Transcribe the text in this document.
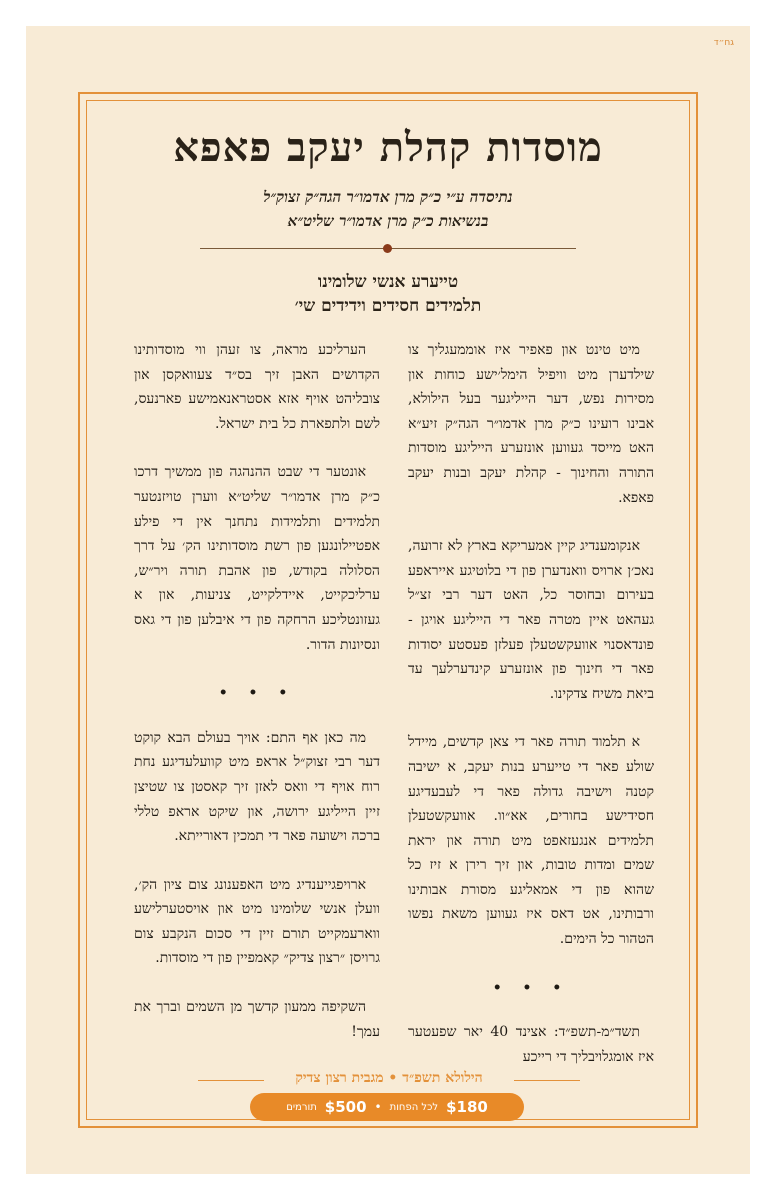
גח״ד
מוסדות קהלת יעקב פאפא
נתיסדה ע״י כ״ק מרן אדמו״ר הגה״ק זצוק״ל
בנשיאות כ״ק מרן אדמו״ר שליט״א
טייערע אנשי שלומינו
תלמידים חסידים וידידים שי׳

מיט טינט און פאפיר איז אוממעגליך צו שילדערן מיט וויפיל הימל׳ישע כוחות און מסירות נפש, דער הייליגער בעל הילולא, אבינו רועינו כ״ק מרן אדמו״ר הגה״ק זיע״א האט מייסד געווען אונזערע הייליגע מוסדות התורה והחינוך - קהלת יעקב ובנות יעקב פאפא.

אנקומענדיג קיין אמעריקא בארץ לא זרועה, נאכ׳ן ארויס וואנדערן פון די בלוטיגע אייראפע בעירום ובחוסר כל, האט דער רבי זצ״ל געהאט איין מטרה פאר די הייליגע אויגן - פונדאסנוי אוועקשטעלן פעלזן פעסטע יסודות פאר די חינוך פון אונזערע קינדערלעך עד ביאת משיח צדקינו.

א תלמוד תורה פאר די צאן קדשים, מיידל שולע פאר די טייערע בנות יעקב, א ישיבה קטנה וישיבה גדולה פאר די לעבעדיגע חסידישע בחורים, אא״וו. אוועקשטעלן תלמידים אנגעזאפט מיט תורה און יראת שמים ומדות טובות, און זיך רירן א זיז כל שהוא פון די אמאליגע מסורת אבותינו ורבותינו, אט דאס איז געווען משאת נפשו הטהור כל הימים.

• • •

תשד״מ-תשפ״ד: אצינד 40 יאר שפעטער איז אומגלויבליך די רייכע

הערליכע מראה, צו זעהן ווי מוסדותינו הקדושים האבן זיך בס״ד צעוואקסן און צובליהט אויף אזא אסטראנאמישע פארנעס, לשם ולתפארת כל בית ישראל.

אונטער די שבט ההנהגה פון ממשיך דרכו כ״ק מרן אדמו״ר שליט״א ווערן טויזנטער תלמידים ותלמידות נתחנך אין די פילע אפטיילונגען פון רשת מוסדותינו הק׳ על דרך הסלולה בקודש, פון אהבת תורה ויר״ש, ערליכקייט, איידלקייט, צניעות, און א געזונטליכע הרחקה פון די איבלען פון די גאס ונסיונות הדור.

• • •

מה כאן אף התם: אויך בעולם הבא קוקט דער רבי זצוק״ל אראפ מיט קוועלעדיגע נחת רוח אויף די וואס לאזן זיך קאסטן צו שטיצן זיין הייליגע ירושה, און שיקט אראפ טללי ברכה וישועה פאר די תמכין דאורייתא.

ארויפגייענדיג מיט האפענונג צום ציון הק׳, וועלן אנשי שלומינו מיט און אויסטערלישע ווארעמקייט תורם זיין די סכום הנקבע צום גרויסן ״רצון צדיק״ קאמפיין פון די מוסדות.

השקיפה ממעון קדשך מן השמים וברך את עמך!

הילולא תשפ״ד • מגבית רצון צדיק
תורמים $500 • לכל הפחות $180
